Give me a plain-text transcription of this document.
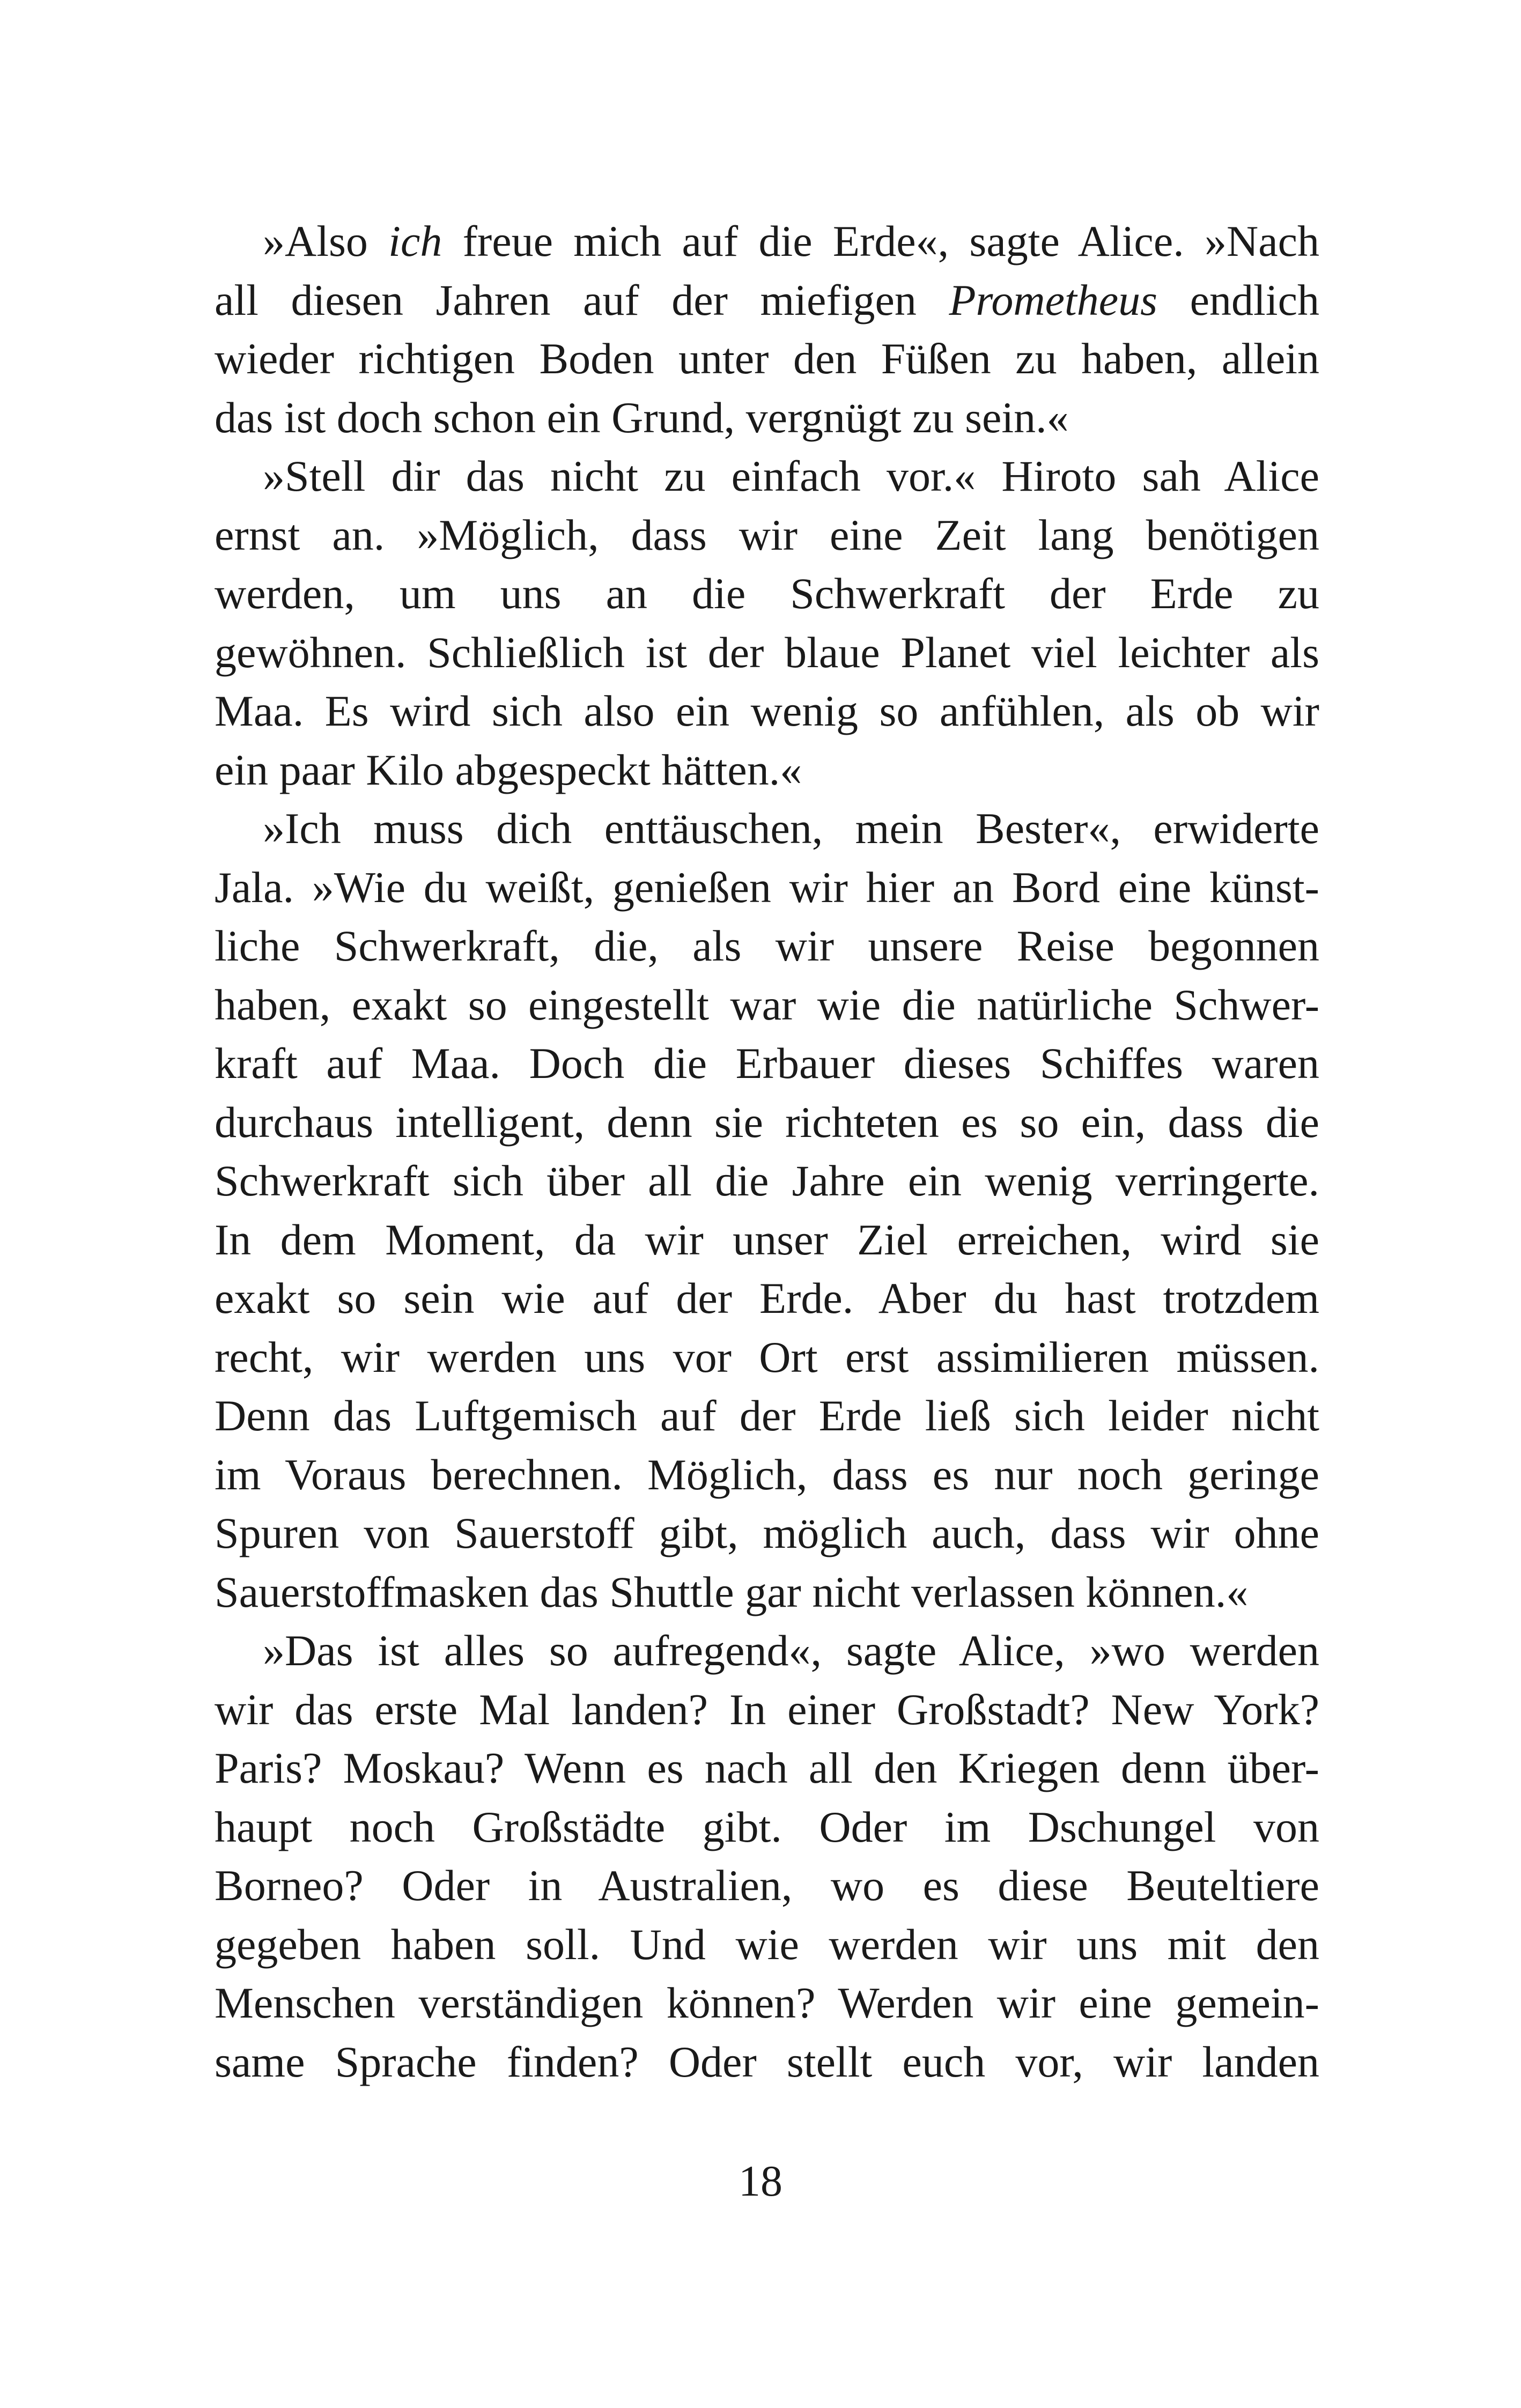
»Also ich freue mich auf die Erde«, sagte Alice. »Nach
all diesen Jahren auf der miefigen Prometheus endlich
wieder richtigen Boden unter den Füßen zu haben, allein
das ist doch schon ein Grund, vergnügt zu sein.«
»Stell dir das nicht zu einfach vor.« Hiroto sah Alice
ernst an. »Möglich, dass wir eine Zeit lang benötigen
werden, um uns an die Schwerkraft der Erde zu
gewöhnen. Schließlich ist der blaue Planet viel leichter als
Maa. Es wird sich also ein wenig so anfühlen, als ob wir
ein paar Kilo abgespeckt hätten.«
»Ich muss dich enttäuschen, mein Bester«, erwiderte
Jala. »Wie du weißt, genießen wir hier an Bord eine künst-
liche Schwerkraft, die, als wir unsere Reise begonnen
haben, exakt so eingestellt war wie die natürliche Schwer-
kraft auf Maa. Doch die Erbauer dieses Schiffes waren
durchaus intelligent, denn sie richteten es so ein, dass die
Schwerkraft sich über all die Jahre ein wenig verringerte.
In dem Moment, da wir unser Ziel erreichen, wird sie
exakt so sein wie auf der Erde. Aber du hast trotzdem
recht, wir werden uns vor Ort erst assimilieren müssen.
Denn das Luftgemisch auf der Erde ließ sich leider nicht
im Voraus berechnen. Möglich, dass es nur noch geringe
Spuren von Sauerstoff gibt, möglich auch, dass wir ohne
Sauerstoffmasken das Shuttle gar nicht verlassen können.«
»Das ist alles so aufregend«, sagte Alice, »wo werden
wir das erste Mal landen? In einer Großstadt? New York?
Paris? Moskau? Wenn es nach all den Kriegen denn über-
haupt noch Großstädte gibt. Oder im Dschungel von
Borneo? Oder in Australien, wo es diese Beuteltiere
gegeben haben soll. Und wie werden wir uns mit den
Menschen verständigen können? Werden wir eine gemein-
same Sprache finden? Oder stellt euch vor, wir landen
18
